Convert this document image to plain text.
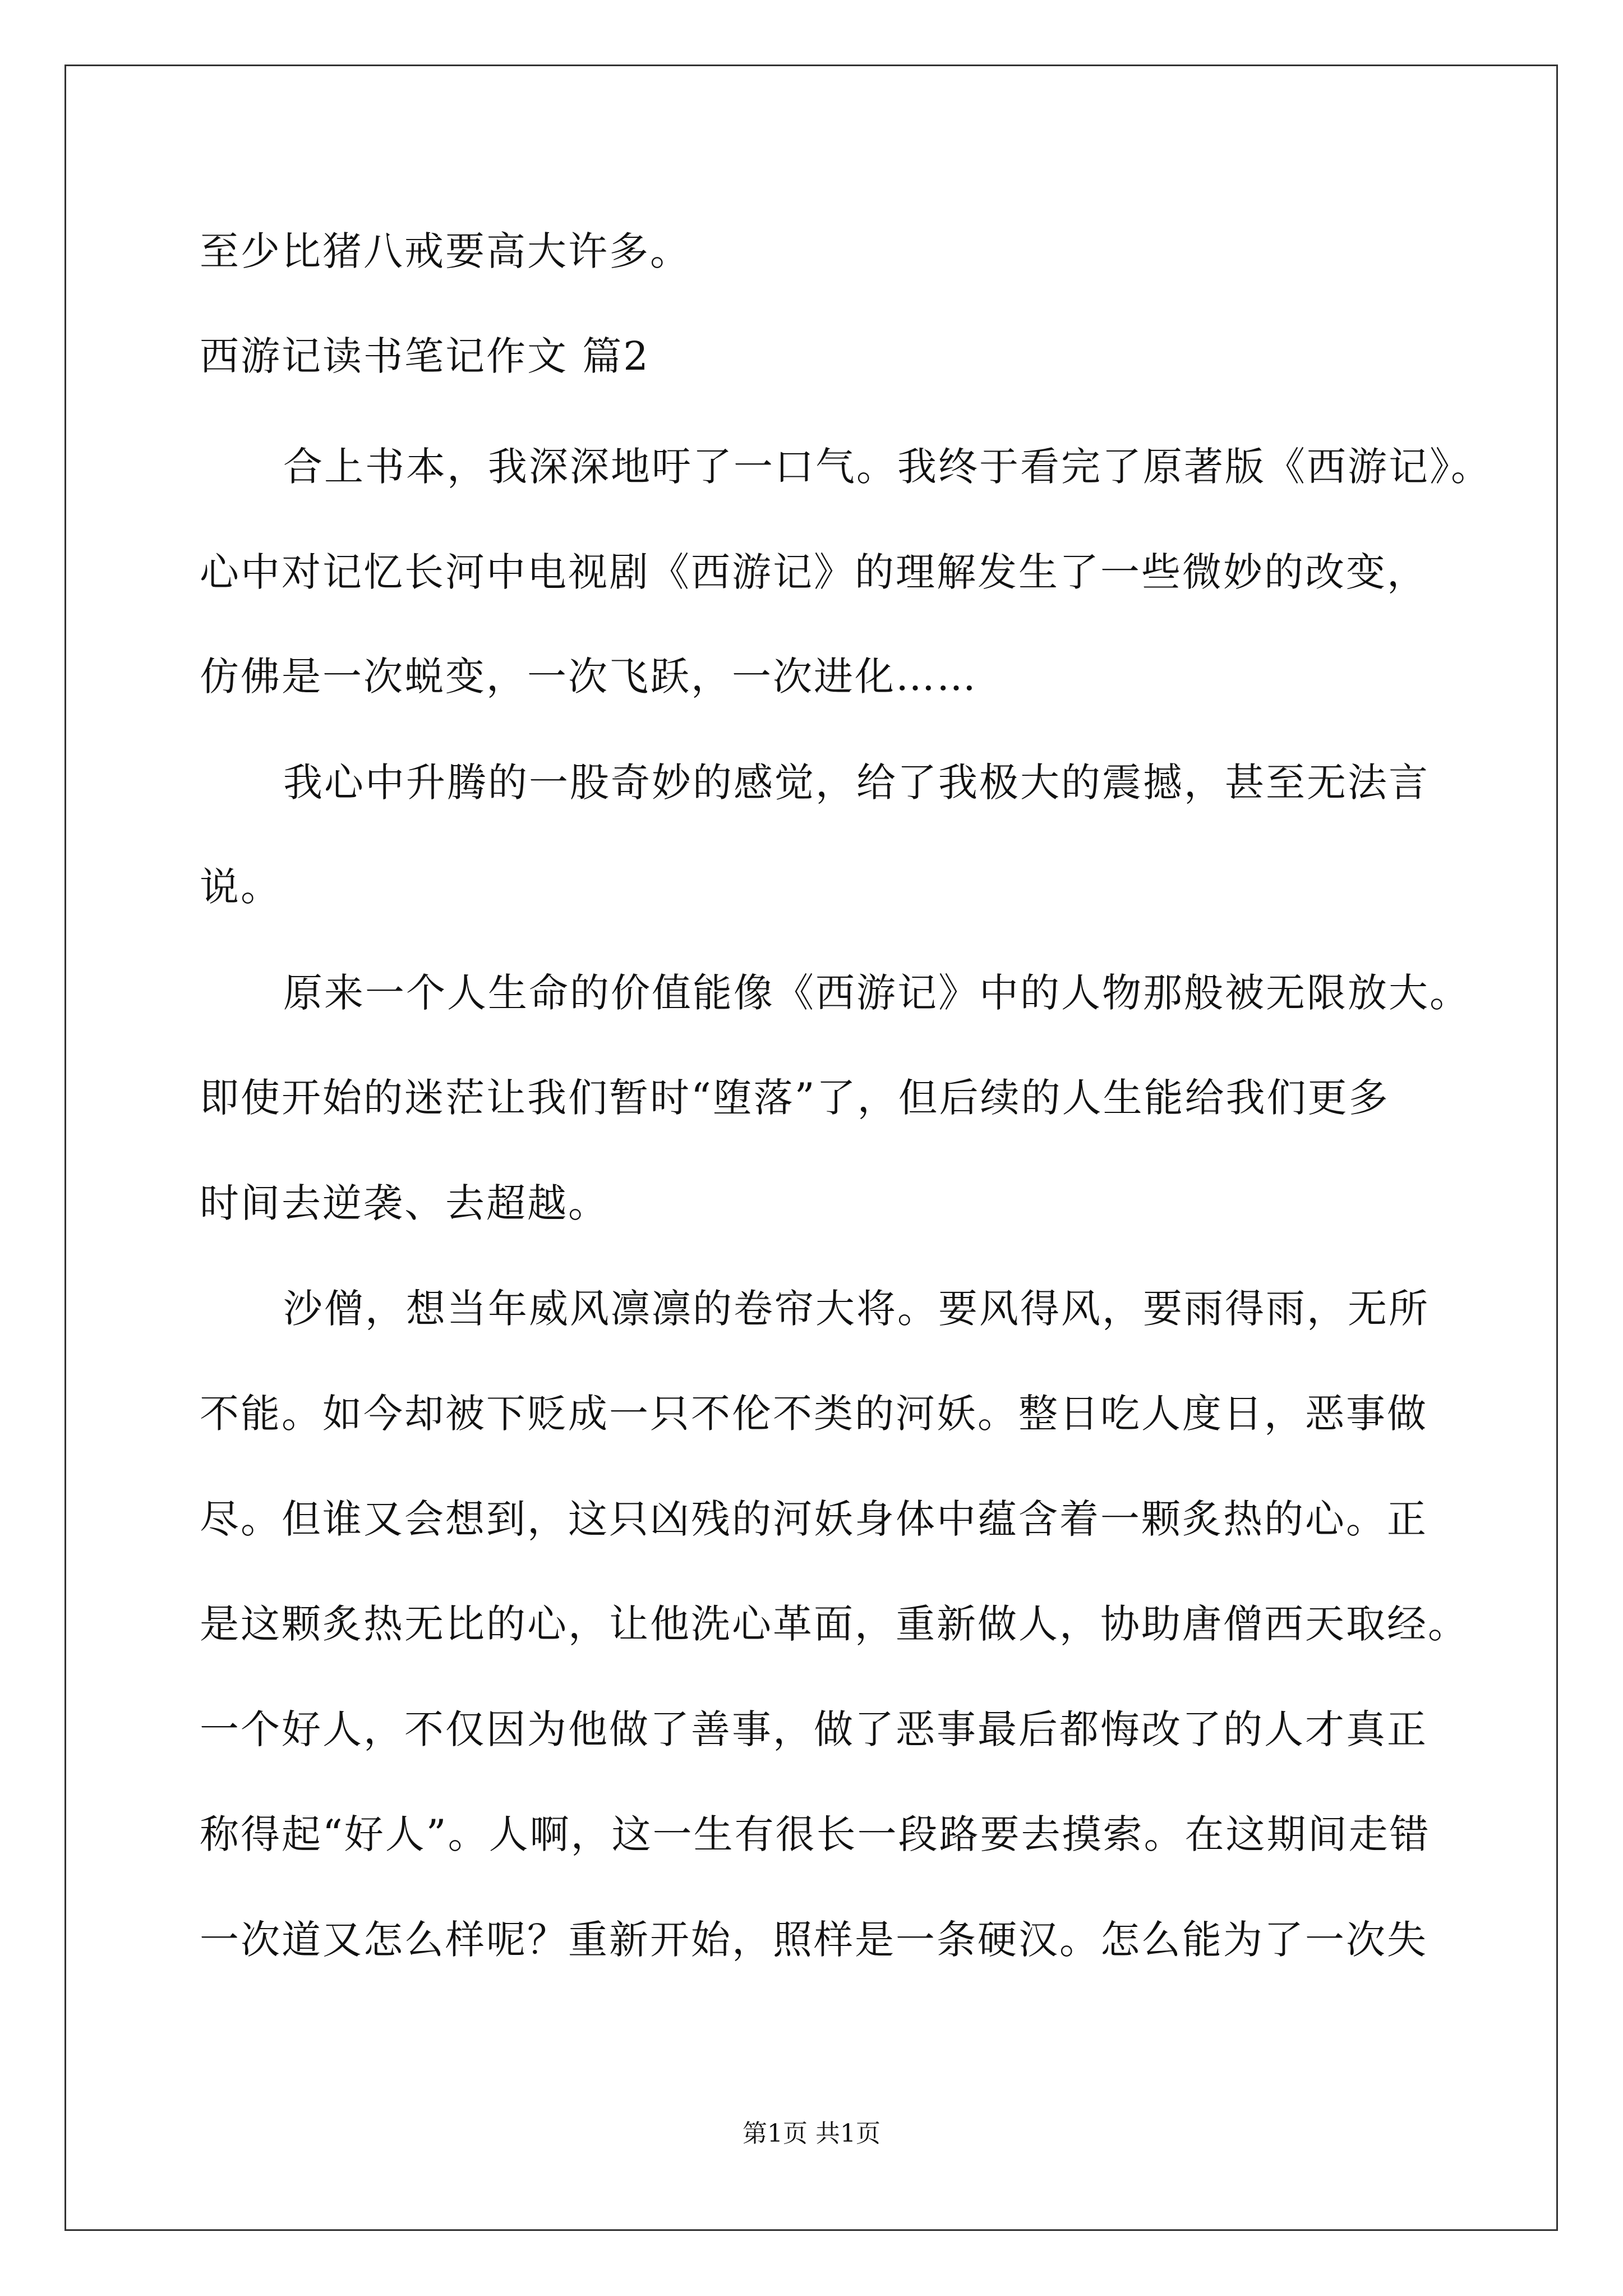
至少比猪八戒要高大许多。

西游记读书笔记作文 篇2

合上书本，我深深地吁了一口气。我终于看完了原著版《西游记》。

心中对记忆长河中电视剧《西游记》的理解发生了一些微妙的改变，

仿佛是一次蜕变，一次飞跃，一次进化……

我心中升腾的一股奇妙的感觉，给了我极大的震撼，甚至无法言

说。

原来一个人生命的价值能像《西游记》中的人物那般被无限放大。

即使开始的迷茫让我们暂时“堕落”了，但后续的人生能给我们更多

时间去逆袭、去超越。

沙僧，想当年威风凛凛的卷帘大将。要风得风，要雨得雨，无所

不能。如今却被下贬成一只不伦不类的河妖。整日吃人度日，恶事做

尽。但谁又会想到，这只凶残的河妖身体中蕴含着一颗炙热的心。正

是这颗炙热无比的心，让他洗心革面，重新做人，协助唐僧西天取经。

一个好人，不仅因为他做了善事，做了恶事最后都悔改了的人才真正

称得起“好人”。人啊，这一生有很长一段路要去摸索。在这期间走错

一次道又怎么样呢？重新开始，照样是一条硬汉。怎么能为了一次失

第1页 共1页
